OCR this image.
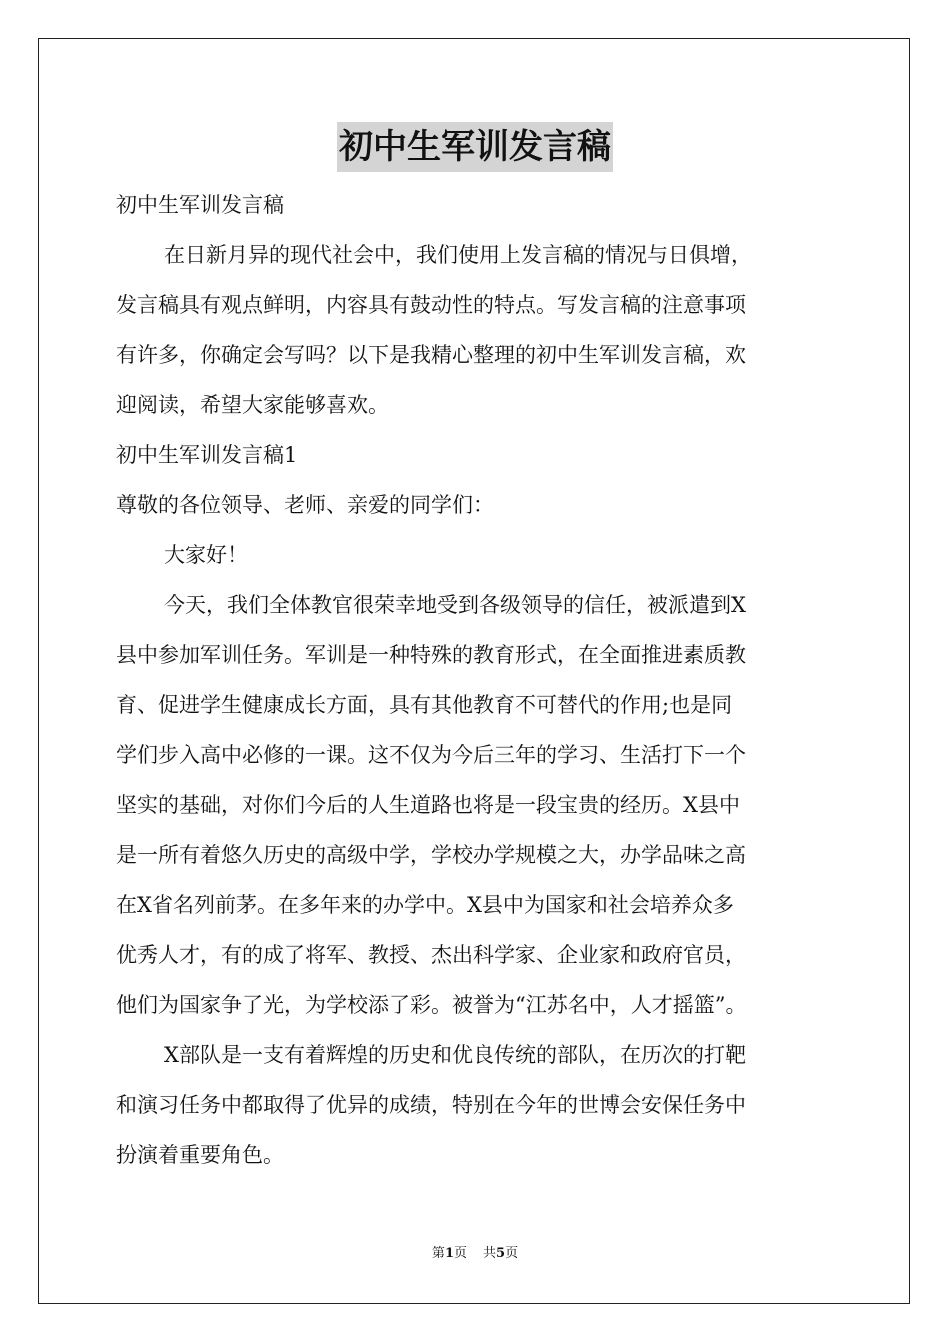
初中生军训发言稿
初中生军训发言稿
在日新月异的现代社会中，我们使用上发言稿的情况与日俱增，
发言稿具有观点鲜明，内容具有鼓动性的特点。写发言稿的注意事项
有许多，你确定会写吗？以下是我精心整理的初中生军训发言稿，欢
迎阅读，希望大家能够喜欢。
初中生军训发言稿1
尊敬的各位领导、老师、亲爱的同学们：
大家好！
今天，我们全体教官很荣幸地受到各级领导的信任，被派遣到X
县中参加军训任务。军训是一种特殊的教育形式，在全面推进素质教
育、促进学生健康成长方面，具有其他教育不可替代的作用;也是同
学们步入高中必修的一课。这不仅为今后三年的学习、生活打下一个
坚实的基础，对你们今后的人生道路也将是一段宝贵的经历。X县中
是一所有着悠久历史的高级中学，学校办学规模之大，办学品味之高
在X省名列前茅。在多年来的办学中。X县中为国家和社会培养众多
优秀人才，有的成了将军、教授、杰出科学家、企业家和政府官员，
他们为国家争了光，为学校添了彩。被誉为“江苏名中，人才摇篮”。
X部队是一支有着辉煌的历史和优良传统的部队，在历次的打靶
和演习任务中都取得了优异的成绩，特别在今年的世博会安保任务中
扮演着重要角色。
第1页 共5页
